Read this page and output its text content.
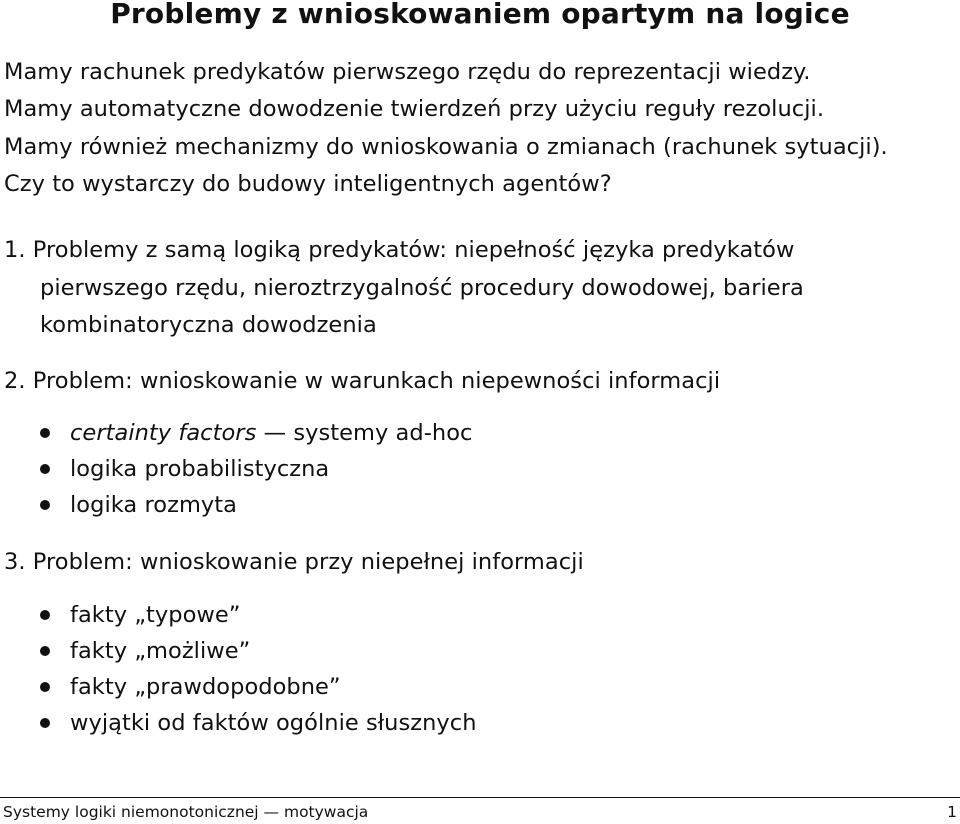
Problemy z wnioskowaniem opartym na logice
Mamy rachunek predykatów pierwszego rzędu do reprezentacji wiedzy.
Mamy automatyczne dowodzenie twierdzeń przy użyciu reguły rezolucji.
Mamy również mechanizmy do wnioskowania o zmianach (rachunek sytuacji).
Czy to wystarczy do budowy inteligentnych agentów?
1. Problemy z samą logiką predykatów: niepełność języka predykatów
pierwszego rzędu, nieroztrzygalność procedury dowodowej, bariera
kombinatoryczna dowodzenia
2. Problem: wnioskowanie w warunkach niepewności informacji
certainty factors — systemy ad-hoc
logika probabilistyczna
logika rozmyta
3. Problem: wnioskowanie przy niepełnej informacji
fakty „typowe”
fakty „możliwe”
fakty „prawdopodobne”
wyjątki od faktów ogólnie słusznych
Systemy logiki niemonotonicznej — motywacja	1
